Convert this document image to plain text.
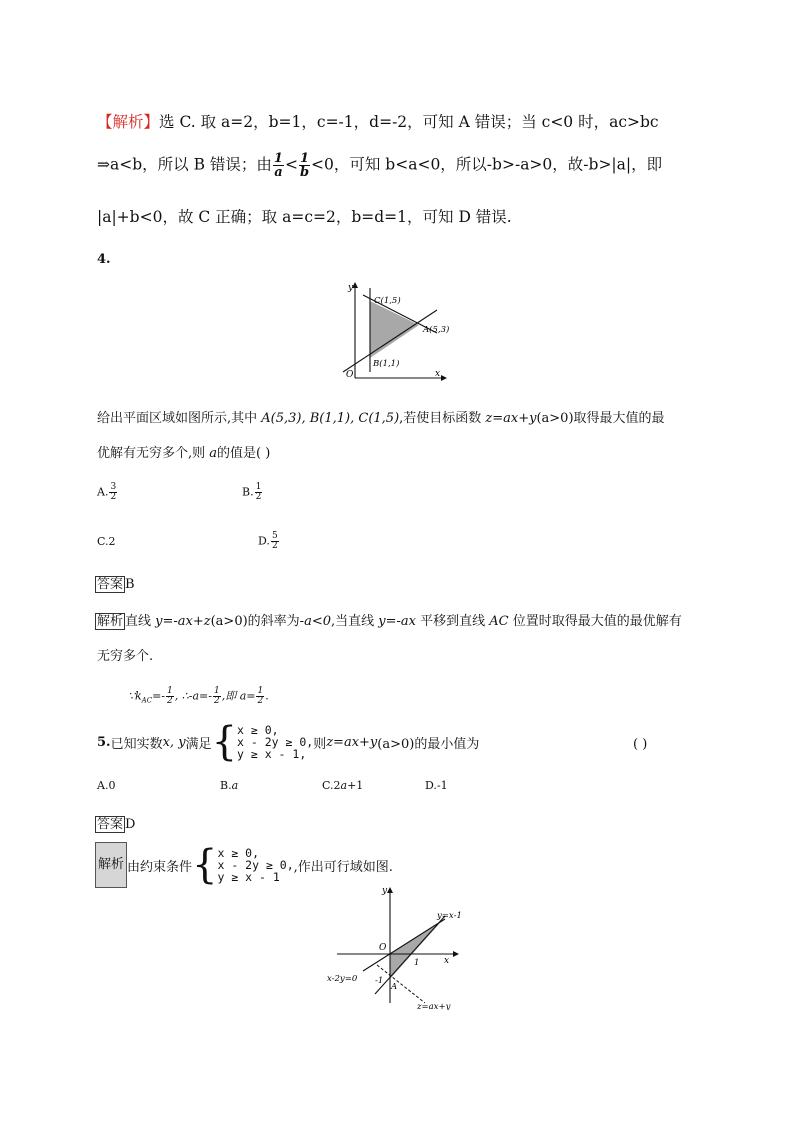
【解析】选 C. 取 a=2，b=1，c=-1，d=-2，可知 A 错误；当 c<0 时，ac>bc
⇒a<b，所以 B 错误；由 $\frac{1}{a} < \frac{1}{b} <0$，可知 b<a<0，所以-b>-a>0，故-b>|a|，即
|a|+b<0，故 C 正确；取 a=c=2，b=d=1，可知 D 错误.
4.
y
x
O
C(1,5)
A(5,3)
B(1,1)
给出平面区域如图所示,其中 A(5,3), B(1,1), C(1,5),若使目标函数 z=ax+y(a>0)取得最大值的最
优解有无穷多个,则 a的值是( )
A. $\frac{3}{2}$	B. $\frac{1}{2}$
C.2	D. $\frac{5}{2}$
答案 B
解析 直线 y=-ax+z(a>0)的斜率为-a<0,当直线 y=-ax 平移到直线 AC 位置时取得最大值的最优解有
无穷多个.
$\because k_{AC}=- \frac{1}{2}$ , ∴-a=- $\frac{1}{2}$ ,即 $a= \frac{1}{2}$ .
5. 已知实数 x, y 满足 { x ≥ 0,
x - 2y ≥ 0,
y ≥ x - 1,
则 z=ax+y (a>0)的最小值为	( )
A.0	B.a	C.2a+1	D.-1
答案 D
解析 由约束条件 { x ≥ 0,
x - 2y ≥ 0,
y ≥ x - 1
,作出可行域如图.
y
x
O
1
-1
A
y=x-1
x-2y=0
z=ax+y
